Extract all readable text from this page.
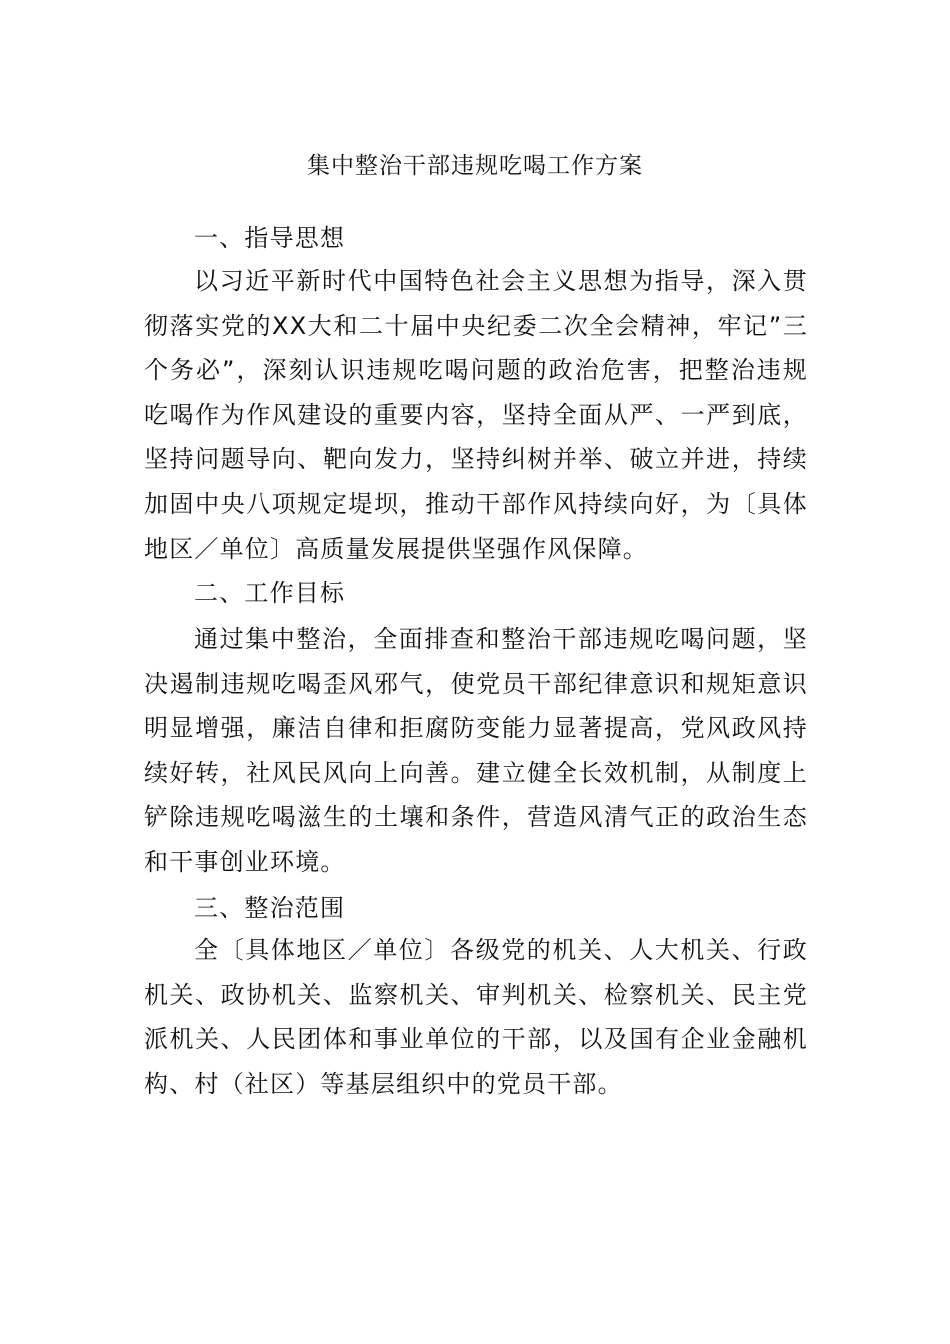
集中整治干部违规吃喝工作方案

一、指导思想

以习近平新时代中国特色社会主义思想为指导，深入贯彻落实党的XX大和二十届中央纪委二次全会精神，牢记”三个务必”，深刻认识违规吃喝问题的政治危害，把整治违规吃喝作为作风建设的重要内容，坚持全面从严、一严到底，坚持问题导向、靶向发力，坚持纠树并举、破立并进，持续加固中央八项规定堤坝，推动干部作风持续向好，为〔具体地区／单位〕高质量发展提供坚强作风保障。

二、工作目标

通过集中整治，全面排查和整治干部违规吃喝问题，坚决遏制违规吃喝歪风邪气，使党员干部纪律意识和规矩意识明显增强，廉洁自律和拒腐防变能力显著提高，党风政风持续好转，社风民风向上向善。建立健全长效机制，从制度上铲除违规吃喝滋生的土壤和条件，营造风清气正的政治生态和干事创业环境。

三、整治范围

全〔具体地区／单位〕各级党的机关、人大机关、行政机关、政协机关、监察机关、审判机关、检察机关、民主党派机关、人民团体和事业单位的干部，以及国有企业金融机构、村（社区）等基层组织中的党员干部。
